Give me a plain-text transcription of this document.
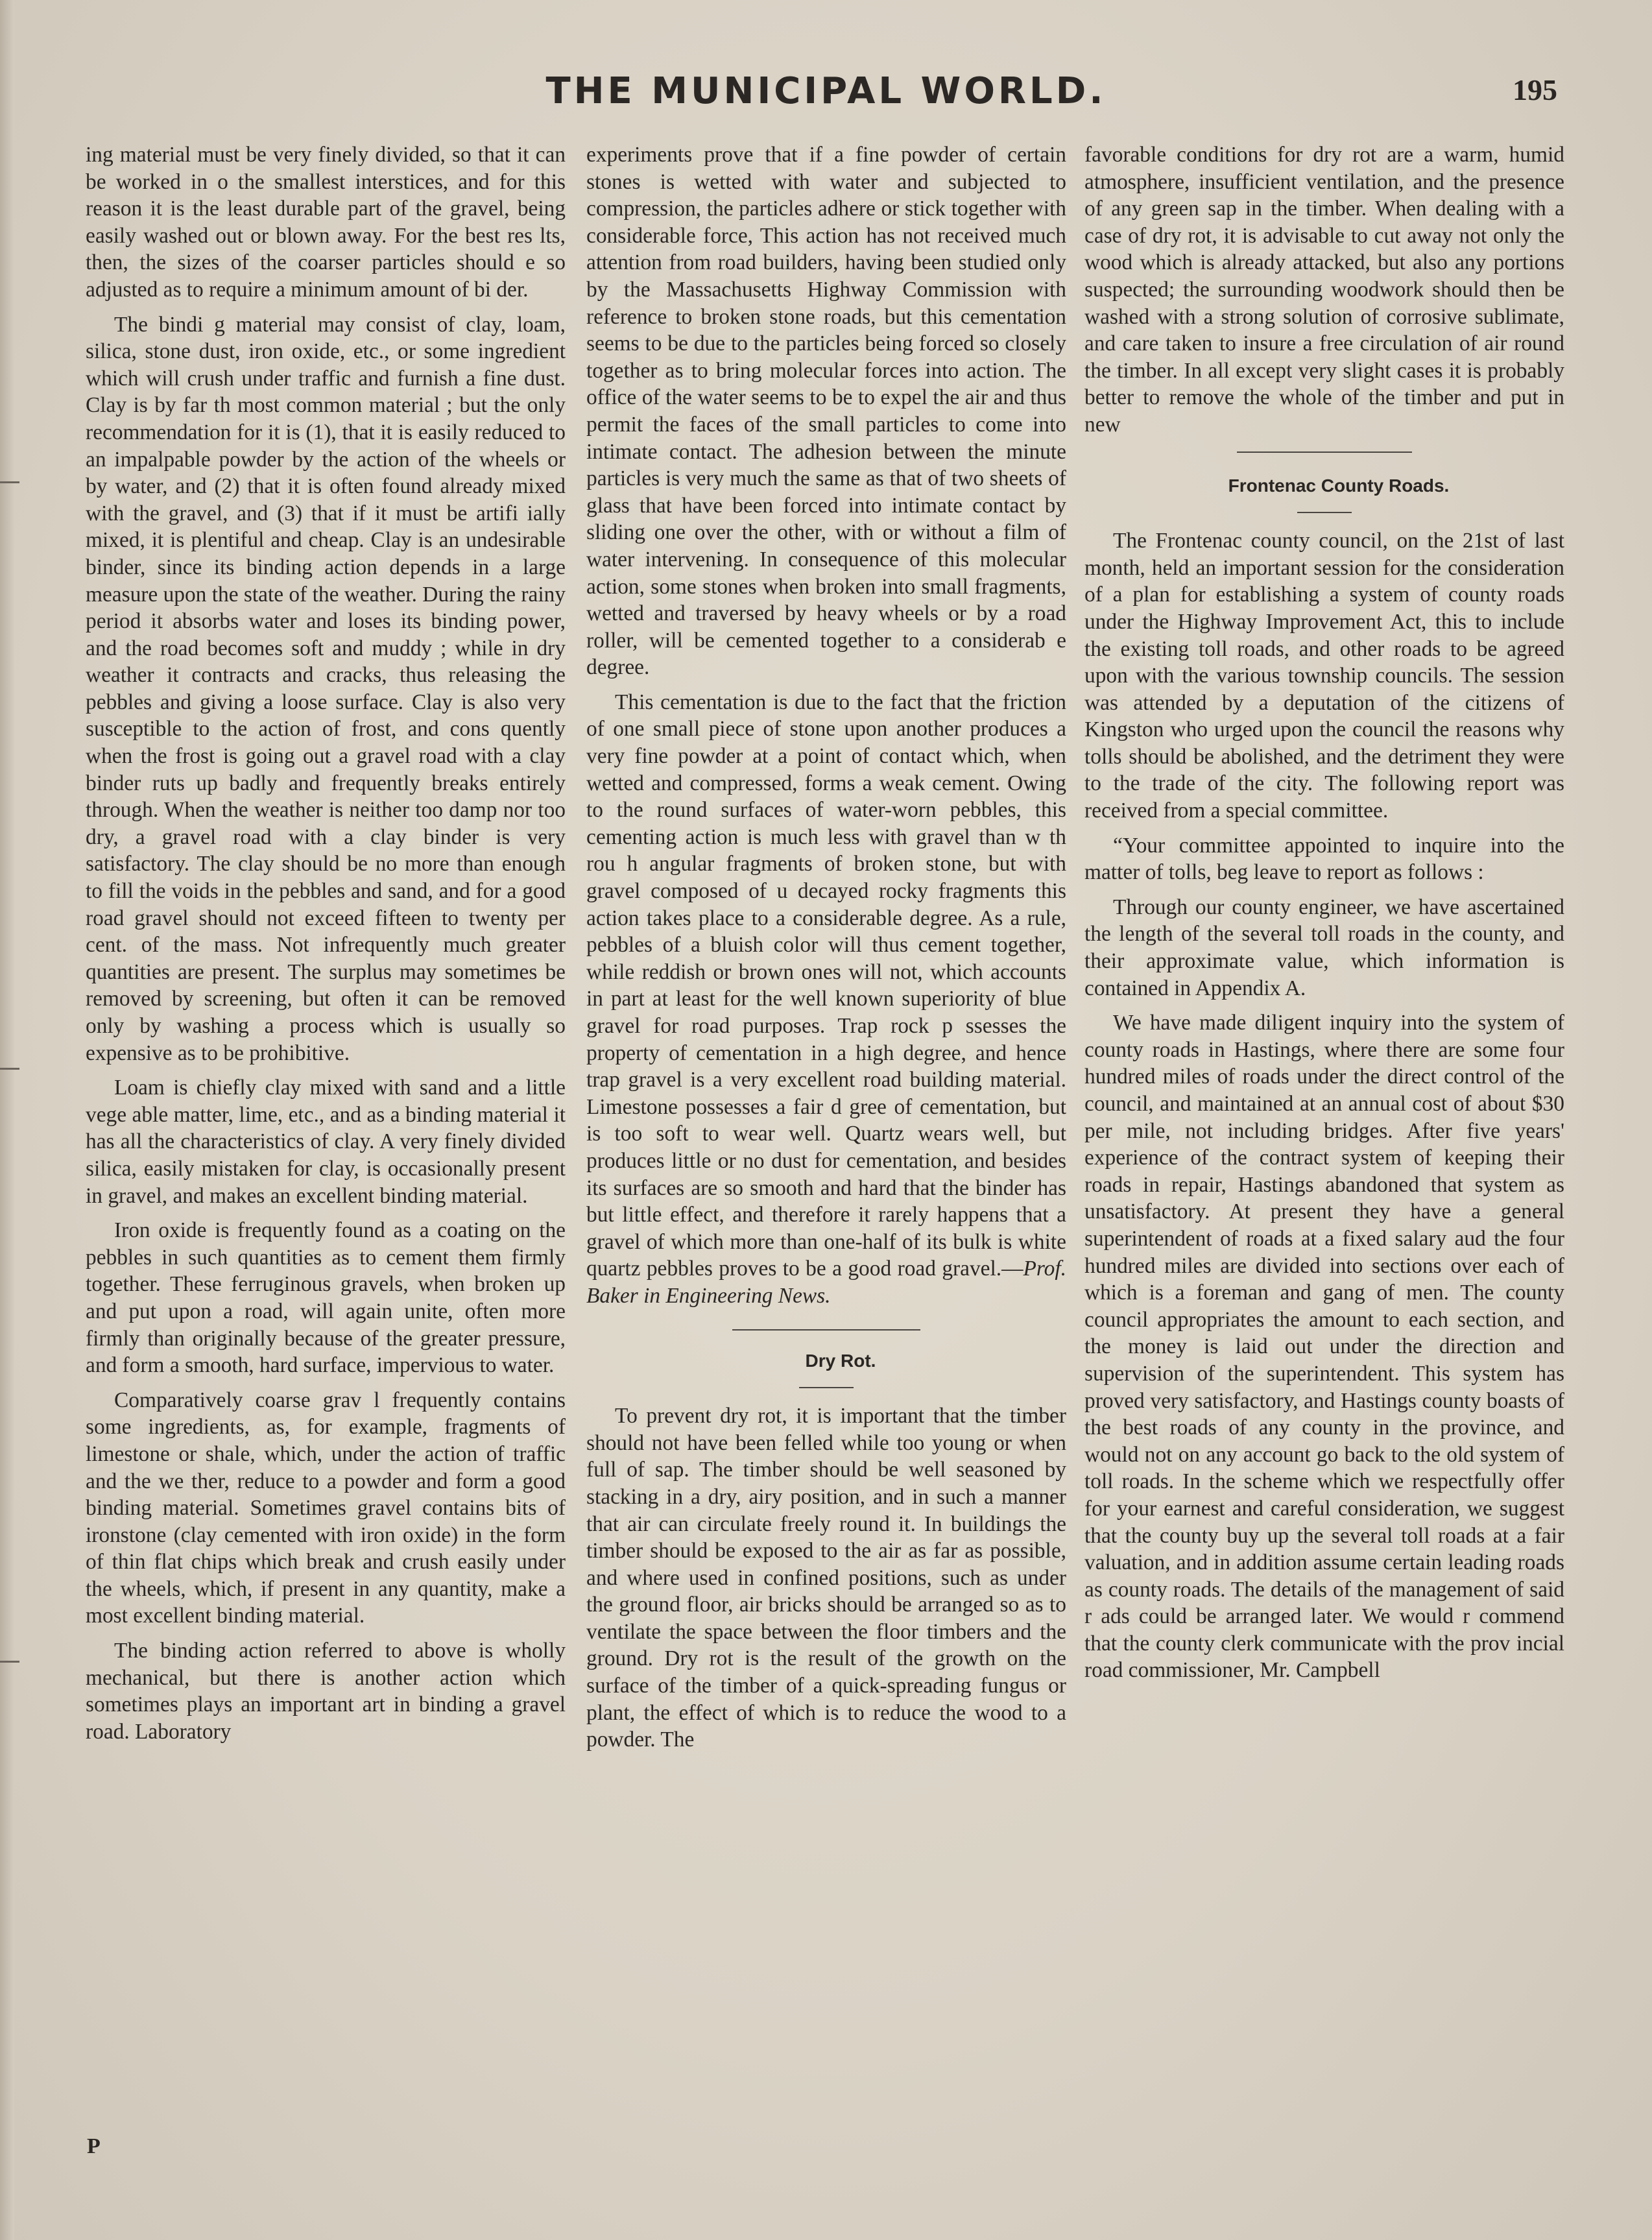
THE MUNICIPAL WORLD.	195

ing material must be very finely divided, so that it can be worked in o the smallest interstices, and for this reason it is the least durable part of the gravel, being easily washed out or blown away. For the best res lts, then, the sizes of the coarser particles should e so adjusted as to require a minimum amount of bi der.

The bindi g material may consist of clay, loam, silica, stone dust, iron oxide, etc., or some ingredient which will crush under traffic and furnish a fine dust. Clay is by far th most common material ; but the only recommendation for it is (1), that it is easily reduced to an impalpable powder by the action of the wheels or by water, and (2) that it is often found already mixed with the gravel, and (3) that if it must be artifi ially mixed, it is plentiful and cheap. Clay is an undesirable binder, since its binding action depends in a large measure upon the state of the weather. During the rainy period it absorbs water and loses its binding power, and the road becomes soft and muddy ; while in dry weather it contracts and cracks, thus releasing the pebbles and giving a loose surface. Clay is also very susceptible to the action of frost, and cons quently when the frost is going out a gravel road with a clay binder ruts up badly and frequently breaks entirely through. When the weather is neither too damp nor too dry, a gravel road with a clay binder is very satisfactory. The clay should be no more than enough to fill the voids in the pebbles and sand, and for a good road gravel should not exceed fifteen to twenty per cent. of the mass. Not infrequently much greater quantities are present. The surplus may sometimes be removed by screening, but often it can be removed only by washing a process which is usually so expensive as to be prohibitive.

Loam is chiefly clay mixed with sand and a little vege able matter, lime, etc., and as a binding material it has all the characteristics of clay. A very finely divided silica, easily mistaken for clay, is occasionally present in gravel, and makes an excellent binding material.

Iron oxide is frequently found as a coating on the pebbles in such quantities as to cement them firmly together. These ferruginous gravels, when broken up and put upon a road, will again unite, often more firmly than originally because of the greater pressure, and form a smooth, hard surface, impervious to water.

Comparatively coarse grav l frequently contains some ingredients, as, for example, fragments of limestone or shale, which, under the action of traffic and the we ther, reduce to a powder and form a good binding material. Sometimes gravel contains bits of ironstone (clay cemented with iron oxide) in the form of thin flat chips which break and crush easily under the wheels, which, if present in any quantity, make a most excellent binding material.

The binding action referred to above is wholly mechanical, but there is another action which sometimes plays an important art in binding a gravel road. Laboratory

P

experiments prove that if a fine powder of certain stones is wetted with water and subjected to compression, the particles adhere or stick together with considerable force, This action has not received much attention from road builders, having been studied only by the Massachusetts Highway Commission with reference to broken stone roads, but this cementation seems to be due to the particles being forced so closely together as to bring molecular forces into action. The office of the water seems to be to expel the air and thus permit the faces of the small particles to come into intimate contact. The adhesion between the minute particles is very much the same as that of two sheets of glass that have been forced into intimate contact by sliding one over the other, with or without a film of water intervening. In consequence of this molecular action, some stones when broken into small fragments, wetted and traversed by heavy wheels or by a road roller, will be cemented together to a considerab e degree.

This cementation is due to the fact that the friction of one small piece of stone upon another produces a very fine powder at a point of contact which, when wetted and compressed, forms a weak cement. Owing to the round surfaces of water-worn pebbles, this cementing action is much less with gravel than w th rou h angular fragments of broken stone, but with gravel composed of u decayed rocky fragments this action takes place to a considerable degree. As a rule, pebbles of a bluish color will thus cement together, while reddish or brown ones will not, which accounts in part at least for the well known superiority of blue gravel for road purposes. Trap rock p ssesses the property of cementation in a high degree, and hence trap gravel is a very excellent road building material. Limestone possesses a fair d gree of cementation, but is too soft to wear well. Quartz wears well, but produces little or no dust for cementation, and besides its surfaces are so smooth and hard that the binder has but little effect, and therefore it rarely happens that a gravel of which more than one-half of its bulk is white quartz pebbles proves to be a good road gravel.—Prof. Baker in Engineering News.

Dry Rot.

To prevent dry rot, it is important that the timber should not have been felled while too young or when full of sap. The timber should be well seasoned by stacking in a dry, airy position, and in such a manner that air can circulate freely round it. In buildings the timber should be exposed to the air as far as possible, and where used in confined positions, such as under the ground floor, air bricks should be arranged so as to ventilate the space between the floor timbers and the ground. Dry rot is the result of the growth on the surface of the timber of a quick-spreading fungus or plant, the effect of which is to reduce the wood to a powder. The

favorable conditions for dry rot are a warm, humid atmosphere, insufficient ventilation, and the presence of any green sap in the timber. When dealing with a case of dry rot, it is advisable to cut away not only the wood which is already attacked, but also any portions suspected; the surrounding woodwork should then be washed with a strong solution of corrosive sublimate, and care taken to insure a free circulation of air round the timber. In all except very slight cases it is probably better to remove the whole of the timber and put in new

Frontenac County Roads.

The Frontenac county council, on the 21st of last month, held an important session for the consideration of a plan for establishing a system of county roads under the Highway Improvement Act, this to include the existing toll roads, and other roads to be agreed upon with the various township councils. The session was attended by a deputation of the citizens of Kingston who urged upon the council the reasons why tolls should be abolished, and the detriment they were to the trade of the city. The following report was received from a special committee.

“Your committee appointed to inquire into the matter of tolls, beg leave to report as follows :

Through our county engineer, we have ascertained the length of the several toll roads in the county, and their approximate value, which information is contained in Appendix A.

We have made diligent inquiry into the system of county roads in Hastings, where there are some four hundred miles of roads under the direct control of the council, and maintained at an annual cost of about $30 per mile, not including bridges. After five years' experience of the contract system of keeping their roads in repair, Hastings abandoned that system as unsatisfactory. At present they have a general superintendent of roads at a fixed salary aud the four hundred miles are divided into sections over each of which is a foreman and gang of men. The county council appropriates the amount to each section, and the money is laid out under the direction and supervision of the superintendent. This system has proved very satisfactory, and Hastings county boasts of the best roads of any county in the province, and would not on any account go back to the old system of toll roads. In the scheme which we respectfully offer for your earnest and careful consideration, we suggest that the county buy up the several toll roads at a fair valuation, and in addition assume certain leading roads as county roads. The details of the management of said r ads could be arranged later. We would r commend that the county clerk communicate with the prov incial road commissioner, Mr. Campbell
